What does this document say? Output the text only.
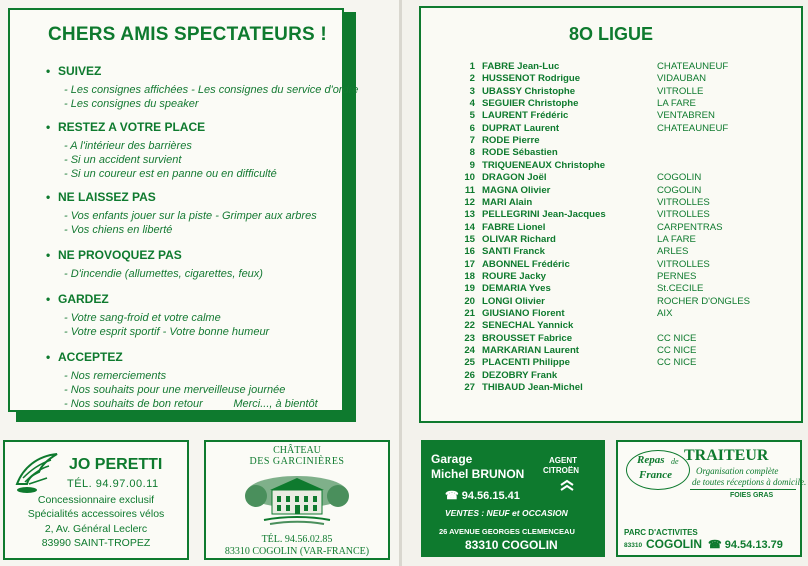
CHERS AMIS SPECTATEURS !
• SUIVEZ
- Les consignes affichées - Les consignes du service d'ordre
- Les consignes du speaker
• RESTEZ A VOTRE PLACE
- A l'intérieur des barrières
- Si un accident survient
- Si un coureur est en panne ou en difficulté
• NE LAISSEZ PAS
- Vos enfants jouer sur la piste - Grimper aux arbres
- Vos chiens en liberté
• NE PROVOQUEZ PAS
- D'incendie (allumettes, cigarettes, feux)
• GARDEZ
- Votre sang-froid et votre calme
- Votre esprit sportif - Votre bonne humeur
• ACCEPTEZ
- Nos remerciements
- Nos souhaits pour une merveilleuse journée
- Nos souhaits de bon retour          Merci..., à bientôt
JO PERETTI
TÉL. 94.97.00.11
Concessionnaire exclusif
Spécialités accessoires vélos
2, Av. Général Leclerc
83990 SAINT-TROPEZ
CHÂTEAU
DES GARCINIÈRES
TÉL. 94.56.02.85
83310 COGOLIN (VAR-FRANCE)
8O LIGUE
1 FABRE Jean-Luc	CHATEAUNEUF
2 HUSSENOT Rodrigue	VIDAUBAN
3 UBASSY Christophe	VITROLLE
4 SEGUIER Christophe	LA FARE
5 LAURENT Frédéric	VENTABREN
6 DUPRAT Laurent	CHATEAUNEUF
7 RODE Pierre
8 RODE Sébastien
9 TRIQUENEAUX Christophe
10 DRAGON Joël	COGOLIN
11 MAGNA Olivier	COGOLIN
12 MARI Alain	VITROLLES
13 PELLEGRINI Jean-Jacques	VITROLLES
14 FABRE Lionel	CARPENTRAS
15 OLIVAR Richard	LA FARE
16 SANTI Franck	ARLES
17 ABONNEL Frédéric	VITROLLES
18 ROURE Jacky	PERNES
19 DEMARIA Yves	St.CECILE
20 LONGI Olivier	ROCHER D'ONGLES
21 GIUSIANO Florent	AIX
22 SENECHAL Yannick
23 BROUSSET Fabrice	CC NICE
24 MARKARIAN Laurent	CC NICE
25 PLACENTI Philippe	CC NICE
26 DEZOBRY Frank
27 THIBAUD Jean-Michel
Garage
Michel BRUNON
AGENT
CITROËN
☎ 94.56.15.41
VENTES : NEUF et OCCASION
26 AVENUE GEORGES CLEMENCEAU
83310 COGOLIN
Repas de
France
TRAITEUR
Organisation complète
de toutes réceptions à domicile.
FOIES GRAS
PARC D'ACTIVITES
83310 COGOLIN ☎ 94.54.13.79
